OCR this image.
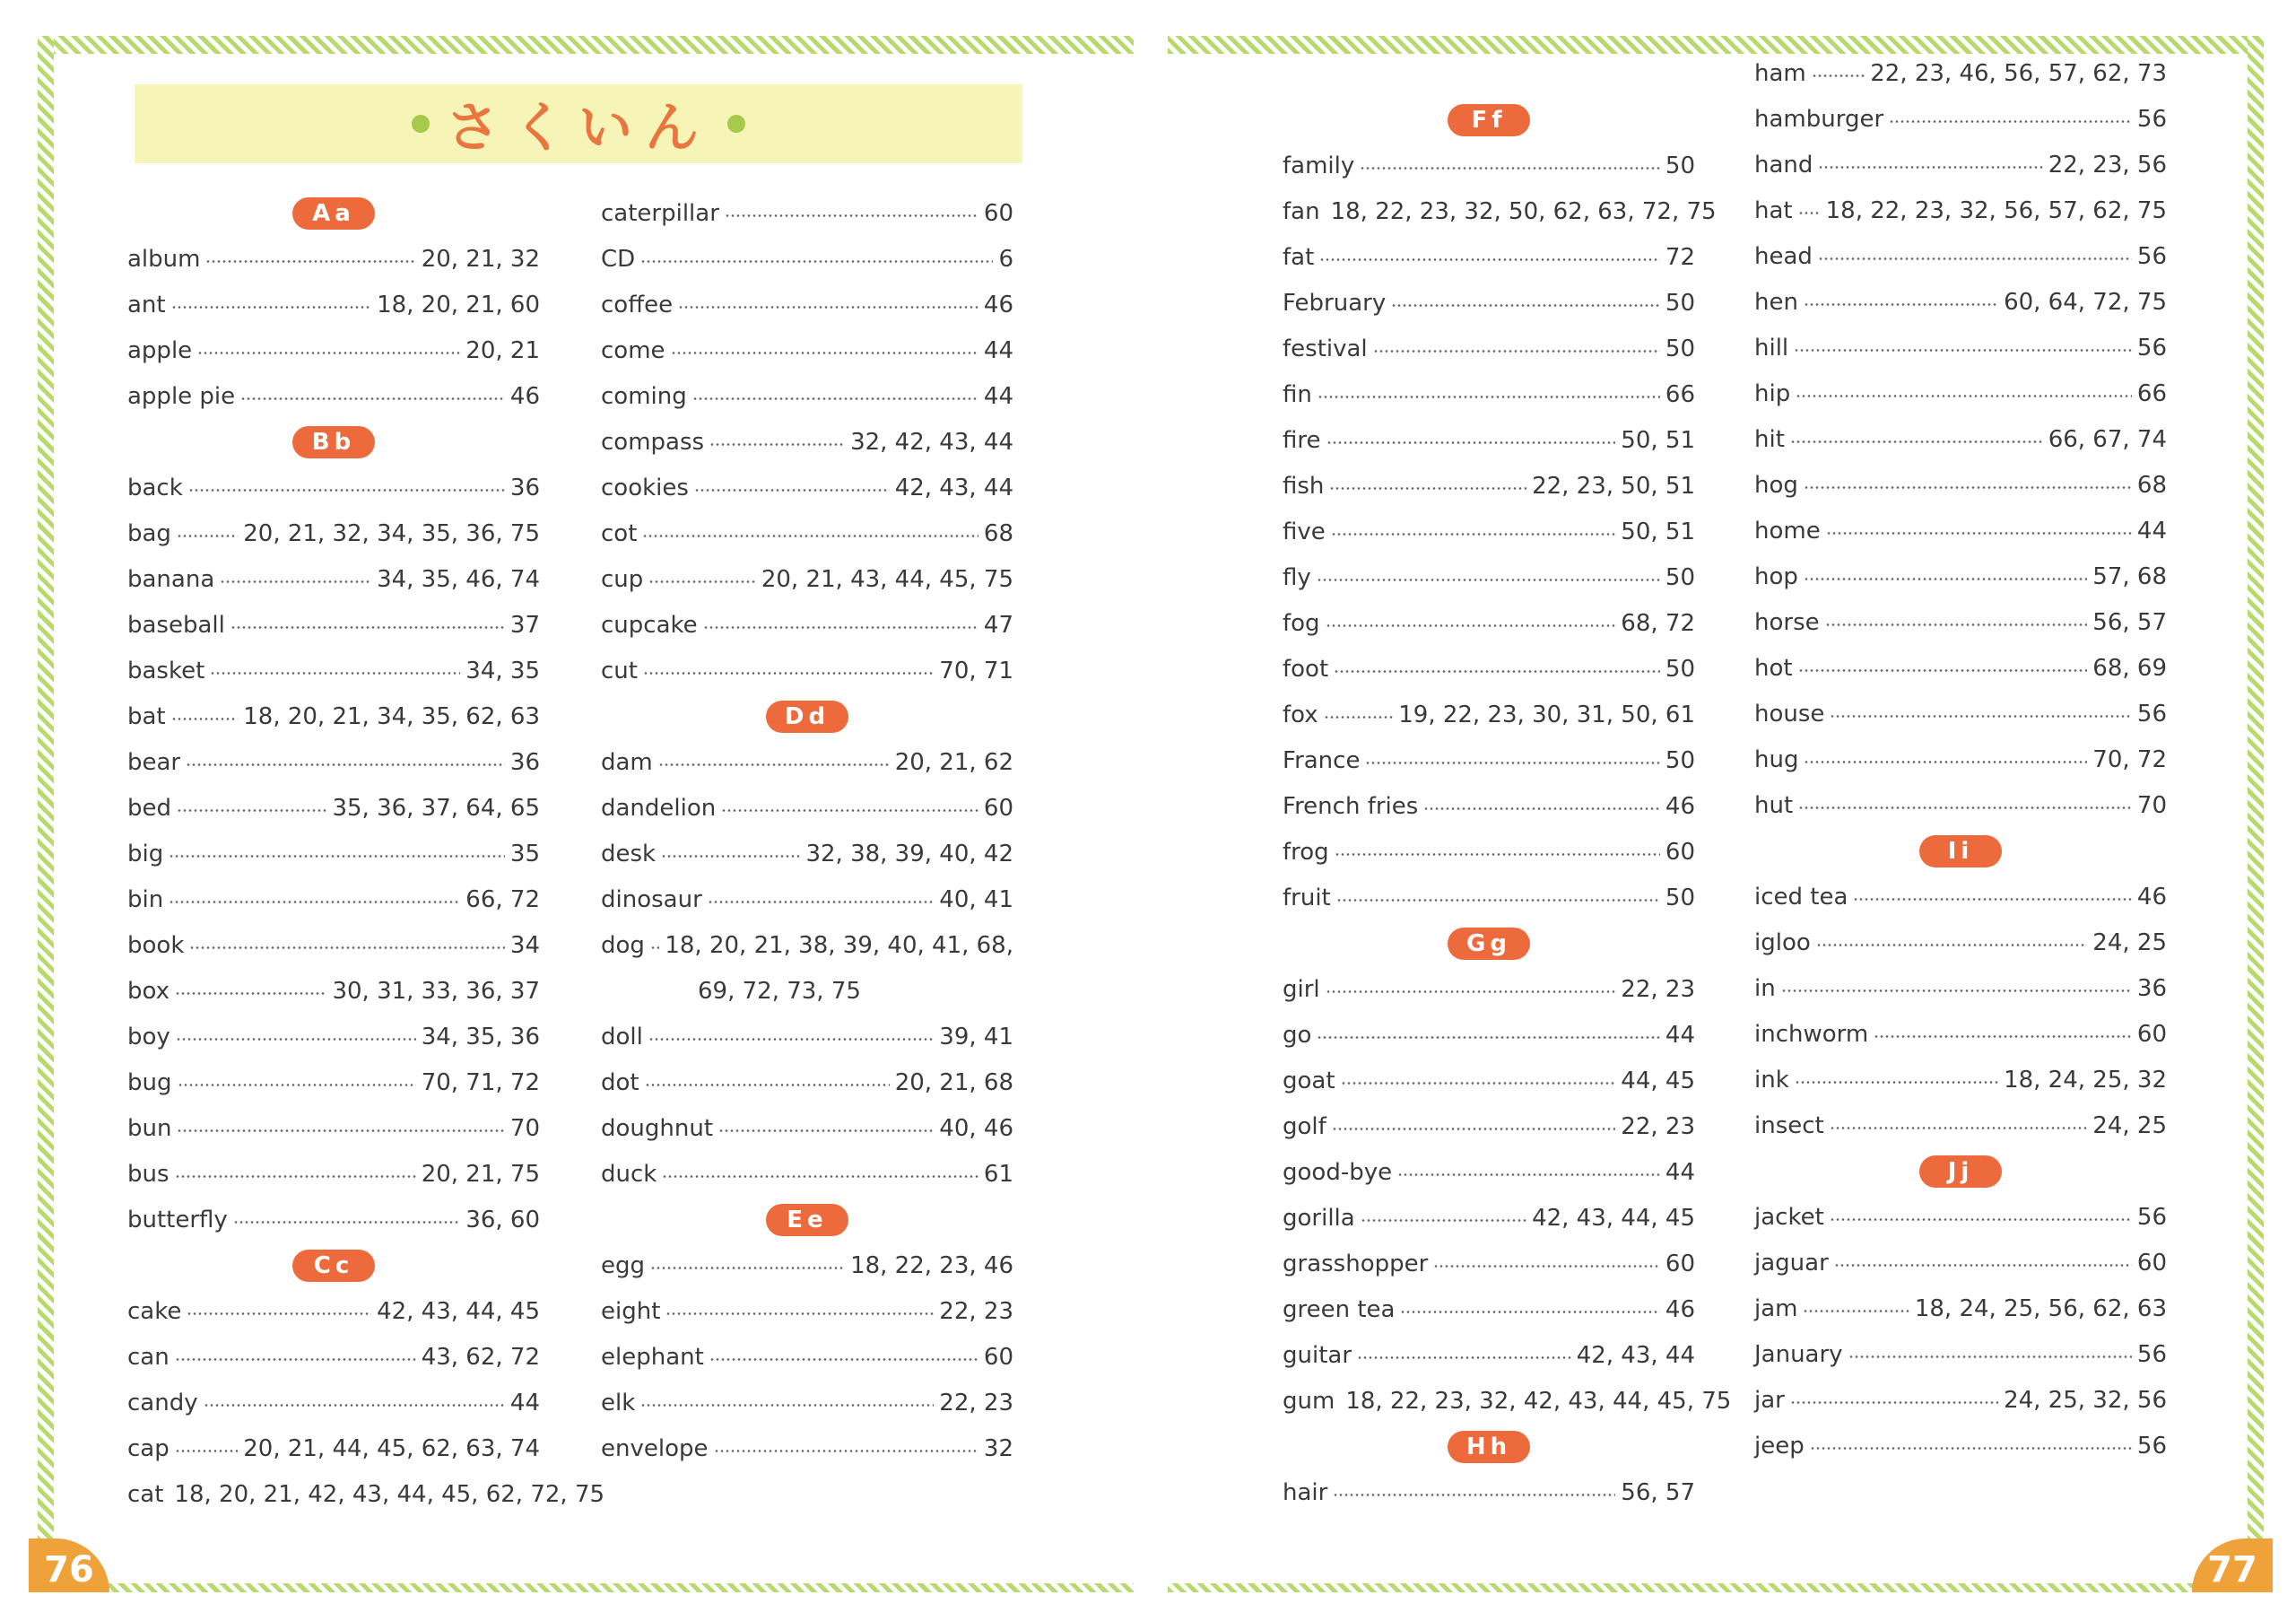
さくいん
Aa
album	20, 21, 32
ant	18, 20, 21, 60
apple	20, 21
apple pie	46
Bb
back	36
bag	20, 21, 32, 34, 35, 36, 75
banana	34, 35, 46, 74
baseball	37
basket	34, 35
bat	18, 20, 21, 34, 35, 62, 63
bear	36
bed	35, 36, 37, 64, 65
big	35
bin	66, 72
book	34
box	30, 31, 33, 36, 37
boy	34, 35, 36
bug	70, 71, 72
bun	70
bus	20, 21, 75
butterfly	36, 60
Cc
cake	42, 43, 44, 45
can	43, 62, 72
candy	44
cap	20, 21, 44, 45, 62, 63, 74
cat 18, 20, 21, 42, 43, 44, 45, 62, 72, 75
caterpillar	60
CD	6
coffee	46
come	44
coming	44
compass	32, 42, 43, 44
cookies	42, 43, 44
cot	68
cup	20, 21, 43, 44, 45, 75
cupcake	47
cut	70, 71
Dd
dam	20, 21, 62
dandelion	60
desk	32, 38, 39, 40, 42
dinosaur	40, 41
dog 18, 20, 21, 38, 39, 40, 41, 68,
69, 72, 73, 75
doll	39, 41
dot	20, 21, 68
doughnut	40, 46
duck	61
Ee
egg	18, 22, 23, 46
eight	22, 23
elephant	60
elk	22, 23
envelope	32
76
Ff
family	50
fan 18, 22, 23, 32, 50, 62, 63, 72, 75
fat	72
February	50
festival	50
fin	66
fire	50, 51
fish	22, 23, 50, 51
five	50, 51
fly	50
fog	68, 72
foot	50
fox	19, 22, 23, 30, 31, 50, 61
France	50
French fries	46
frog	60
fruit	50
Gg
girl	22, 23
go	44
goat	44, 45
golf	22, 23
good-bye	44
gorilla	42, 43, 44, 45
grasshopper	60
green tea	46
guitar	42, 43, 44
gum 18, 22, 23, 32, 42, 43, 44, 45, 75
Hh
hair	56, 57
ham	22, 23, 46, 56, 57, 62, 73
hamburger	56
hand	22, 23, 56
hat 18, 22, 23, 32, 56, 57, 62, 75
head	56
hen	60, 64, 72, 75
hill	56
hip	66
hit	66, 67, 74
hog	68
home	44
hop	57, 68
horse	56, 57
hot	68, 69
house	56
hug	70, 72
hut	70
Ii
iced tea	46
igloo	24, 25
in	36
inchworm	60
ink	18, 24, 25, 32
insect	24, 25
Jj
jacket	56
jaguar	60
jam	18, 24, 25, 56, 62, 63
January	56
jar	24, 25, 32, 56
jeep	56
77
